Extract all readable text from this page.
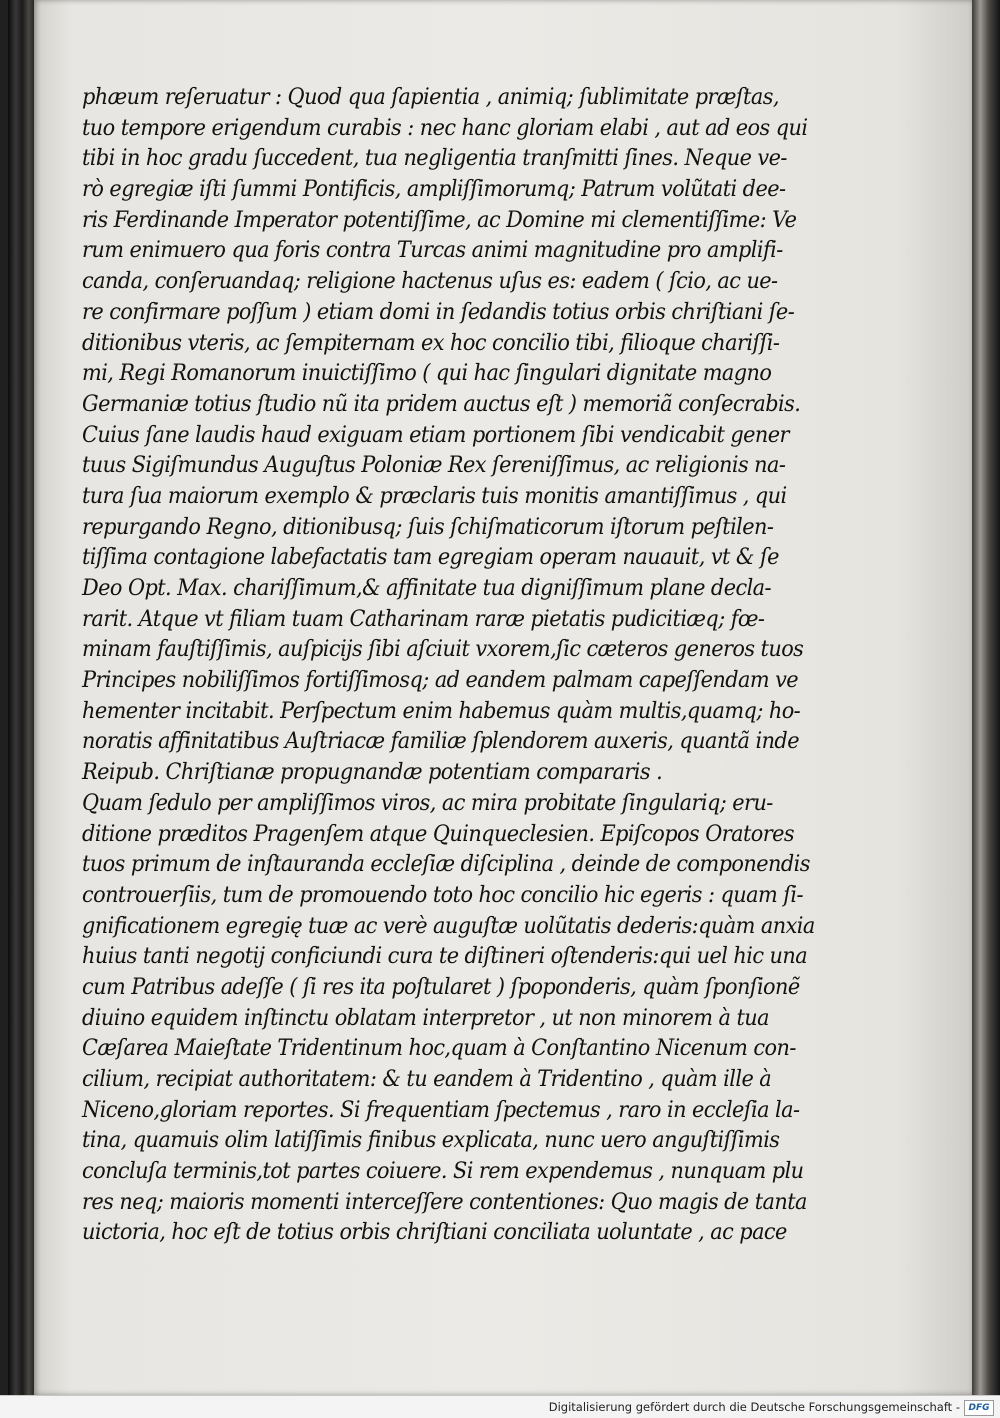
phæum reſeruatur : Quod qua ſapientia , animiq; ſublimitate præſtas,
tuo tempore erigendum curabis : nec hanc gloriam elabi , aut ad eos qui
tibi in hoc gradu ſuccedent, tua negligentia tranſmitti ſines. Neque ve-
rò egregiæ iſti ſummi Pontificis, ampliſſimorumq; Patrum volũtati dee-
ris Ferdinande Imperator potentiſſime, ac Domine mi clementiſſime: Ve
rum enimuero qua foris contra Turcas animi magnitudine pro amplifi-
canda, conſeruandaq; religione hactenus uſus es: eadem ( ſcio, ac ue-
re confirmare poſſum ) etiam domi in ſedandis totius orbis chriſtiani ſe-
ditionibus vteris, ac ſempiternam ex hoc concilio tibi, filioque chariſſi-
mi, Regi Romanorum inuictiſſimo ( qui hac ſingulari dignitate magno
Germaniæ totius ſtudio nũ ita pridem auctus eſt ) memoriã conſecrabis.
Cuius ſane laudis haud exiguam etiam portionem ſibi vendicabit gener
tuus Sigiſmundus Auguſtus Poloniæ Rex ſereniſſimus, ac religionis na-
tura ſua maiorum exemplo & præclaris tuis monitis amantiſſimus , qui
repurgando Regno, ditionibusq; ſuis ſchiſmaticorum iſtorum peſtilen-
tiſſima contagione labefactatis tam egregiam operam nauauit, vt & ſe
Deo Opt. Max. chariſſimum,& affinitate tua digniſſimum plane decla-
rarit. Atque vt filiam tuam Catharinam raræ pietatis pudicitiæq; fœ-
minam fauſtiſſimis, auſpicijs ſibi aſciuit vxorem,ſic cæteros generos tuos
Principes nobiliſſimos fortiſſimosq; ad eandem palmam capeſſendam ve
hementer incitabit. Perſpectum enim habemus quàm multis,quamq; ho-
noratis affinitatibus Auſtriacæ familiæ ſplendorem auxeris, quantã inde
Reipub. Chriſtianæ propugnandæ potentiam compararis .
Quam ſedulo per ampliſſimos viros, ac mira probitate ſingulariq; eru-
ditione præditos Pragenſem atque Quinqueclesien. Epiſcopos Oratores
tuos primum de inſtauranda eccleſiæ diſciplina , deinde de componendis
controuerſiis, tum de promouendo toto hoc concilio hic egeris : quam ſi-
gnificationem egregię tuæ ac verè auguſtæ uolũtatis dederis:quàm anxia
huius tanti negotij conficiundi cura te diſtineri oſtenderis:qui uel hic una
cum Patribus adeſſe ( ſi res ita poſtularet ) ſpoponderis, quàm ſponſionẽ
diuino equidem inſtinctu oblatam interpretor , ut non minorem à tua
Cæſarea Maieſtate Tridentinum hoc,quam à Conſtantino Nicenum con-
cilium, recipiat authoritatem: & tu eandem à Tridentino , quàm ille à
Niceno,gloriam reportes. Si frequentiam ſpectemus , raro in eccleſia la-
tina, quamuis olim latiſſimis finibus explicata, nunc uero anguſtiſſimis
concluſa terminis,tot partes coiuere. Si rem expendemus , nunquam plu
res neq; maioris momenti interceſſere contentiones: Quo magis de tanta
uictoria, hoc eſt de totius orbis chriſtiani conciliata uoluntate , ac pace
Digitalisierung gefördert durch die Deutsche Forschungsgemeinschaft - DFG
